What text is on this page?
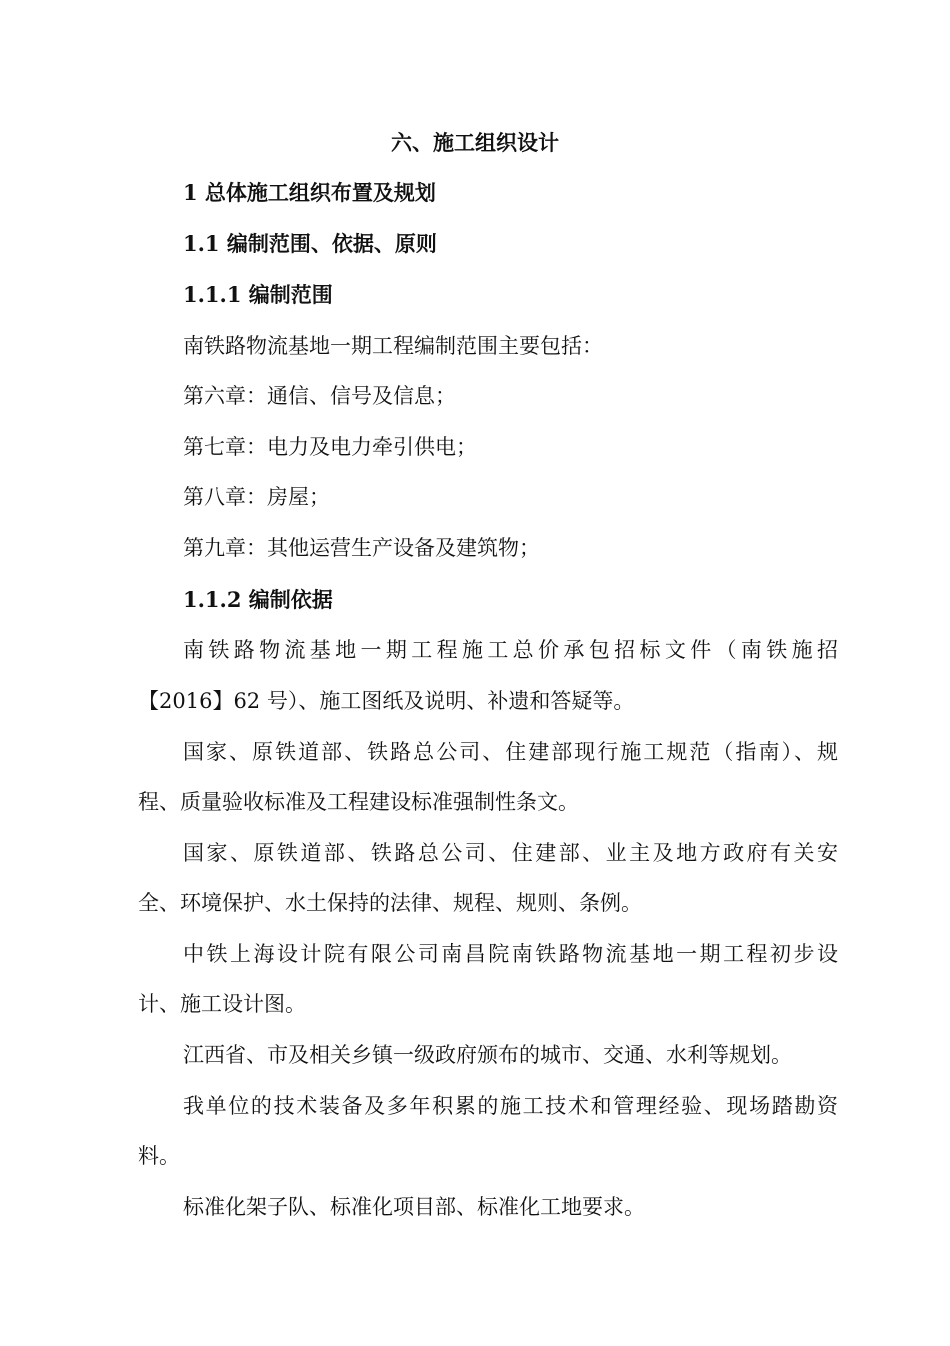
六、施工组织设计
1 总体施工组织布置及规划
1.1 编制范围、依据、原则
1.1.1 编制范围
南铁路物流基地一期工程编制范围主要包括：
第六章：通信、信号及信息；
第七章：电力及电力牵引供电；
第八章：房屋；
第九章：其他运营生产设备及建筑物；
1.1.2 编制依据
南铁路物流基地一期工程施工总价承包招标文件（南铁施招
【2016】62 号）、施工图纸及说明、补遗和答疑等。
国家、原铁道部、铁路总公司、住建部现行施工规范（指南）、规
程、质量验收标准及工程建设标准强制性条文。
国家、原铁道部、铁路总公司、住建部、业主及地方政府有关安
全、环境保护、水土保持的法律、规程、规则、条例。
中铁上海设计院有限公司南昌院南铁路物流基地一期工程初步设
计、施工设计图。
江西省、市及相关乡镇一级政府颁布的城市、交通、水利等规划。
我单位的技术装备及多年积累的施工技术和管理经验、现场踏勘资
料。
标准化架子队、标准化项目部、标准化工地要求。
